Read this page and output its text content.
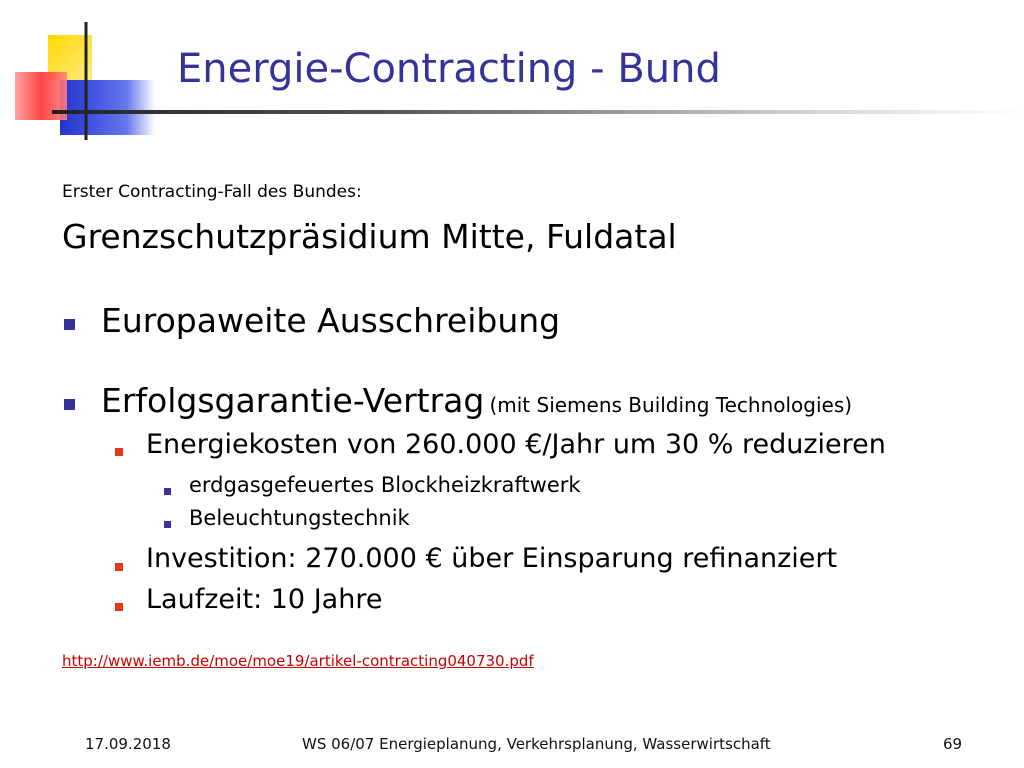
Energie-Contracting - Bund
Erster Contracting-Fall des Bundes:
Grenzschutzpräsidium Mitte, Fuldatal
Europaweite Ausschreibung
Erfolgsgarantie-Vertrag (mit Siemens Building Technologies)
Energiekosten von 260.000 €/Jahr um 30 % reduzieren
erdgasgefeuertes Blockheizkraftwerk
Beleuchtungstechnik
Investition: 270.000 € über Einsparung refinanziert
Laufzeit: 10 Jahre
http://www.iemb.de/moe/moe19/artikel-contracting040730.pdf
17.09.2018	WS 06/07 Energieplanung, Verkehrsplanung, Wasserwirtschaft	69
